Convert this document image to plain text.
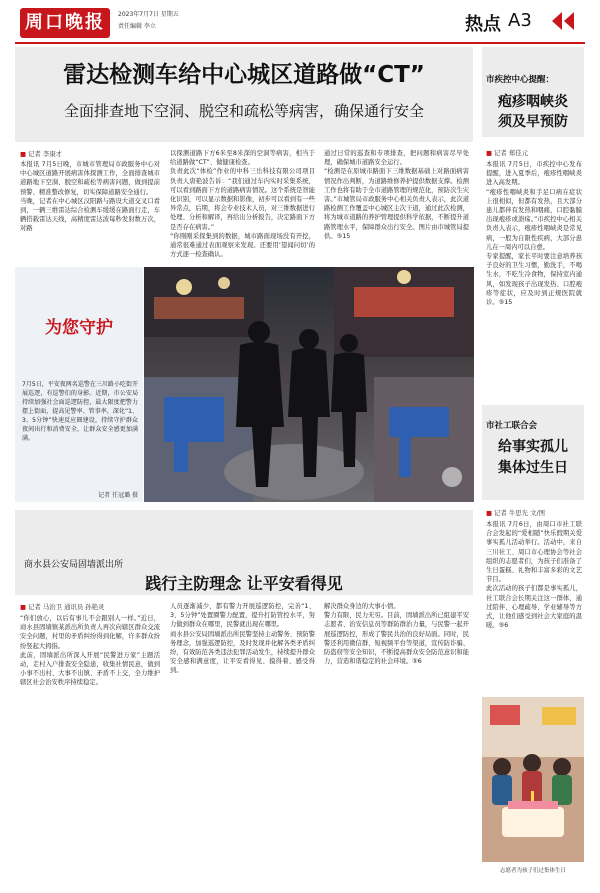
周口晚报	2023年7月7日 星期五
责任编辑 李立	热点 A3
雷达检测车给中心城区道路做“CT”
全面排查地下空洞、脱空和疏松等病害，确保通行安全
■ 记者 李康才
本报讯 7月5日晚，市城市管理局市政服务中心对中心城区道路开展病害体探测工作，全面排查城市道路地下空洞、脱空和疏松等病害问题，做到提前预警、精准整改修复，切实保障道路安全通行。
当晚，记者在中心城区汉阳路与路设大道交叉口看到，一辆三维雷达综合检测车缓缓在路面行走，车辆搭载雷达天线，高精度雷达波每秒发射数万次，对路
以探测道路下方6米至8米深的空洞等病害，相当于给道路做“CT”、做健康检查。
负责此次“体检”作业的中科三岳科技有限公司项目负责人唐艳波告诉：“我们通过车内实时采集系统，可以看到路面下方的道路病害情况。这个系统是智能化识别，可以显示数据和影像，初步可以看到有一些异常点，后期，将会专业技术人员，对三维数据进行处理、分析和解译，再给出分析报告，决定路面下方是否存在病害。”
“你刚刚采探集到的数据，城市路面现场没有开挖，通常很难通过表面观察来发现。还要用‘望闻问切’的方式逐一检查确认。
通过日常的巡查和专项排查，把问题和病害尽早处理，确保城市道路安全运行。
“检测是在原城市路面下三维数据基础上对路面病害情况作出判断，为道路维修养护提供数据支撑。检测工作也将有助于全市道路管理的规范化，预防次生灾害。”市城管局市政服务中心相关负责人表示，此次道路检测工作覆盖中心城区主次干道，通过此次检测，将为城市道路的养护管理提供科学依据，不断提升道路管理水平，保障群众出行安全。图片由市城管局提供。⑤15
为您守护
7月5日，平安夜两名巡警在三川路小吃街开展巡逻，有巡警们的身影。近期，市公安局持续加强社会面巡逻防控，最大限度把警力摆上街面，提高见警率、管事率，深化“1、3、5分钟”快速反应圈建设，持续守护群众夜间出行和消费安全，让群众安全感更加满满。
记者 任冠璐 摄
市疾控中心提醒：
疱疹咽峡炎
须及早预防
■ 记者 郑佳元
本报讯 7月5日，市疾控中心发布提醒，进入夏季后，疱疹性咽峡炎进入高发期。
“疱疹性咽峡炎和手足口病在症状上很相似，但都有发热，且大部分患儿都伴有发热和咽痛，口腔黏膜出现疱疹或溃疡。”市疾控中心相关负责人表示，疱疹性咽峡炎是常见病，一般为自限性疾病，大部分患儿在一周内可以自愈。
专家提醒，家长平时要注意培养孩子良好的卫生习惯，勤洗手，不喝生水，不吃生冷食物，保持室内通风，如发现孩子出现发热、口腔疱疹等症状，应及时到正规医院就诊。⑤15
市社工联合会
给事实孤儿
集体过生日
■ 记者 牛思光 文/图
本报讯 7月6日，由周口市社工联合会发起的“爱相随”快乐假期关爱事实孤儿活动举行。活动中，来自三川社工、周口市心理协会等社会组织的志愿者们，为孩子们准备了生日蛋糕、礼物和丰富多彩的文艺节目。
此次活动的孩子们都是事实孤儿，社工联合会长期关注这一群体，通过陪伴、心理疏导、学业辅导等方式，让他们感受到社会大家庭的温暖。⑤6
志愿者为孩子们过集体生日
商水县公安局固墙派出所
践行主防理念 让平安看得见
■ 记者 马治卫 通讯员 孙艳灵
“你们放心，以后有事儿不会跟别人一样。”近日，商水县固墙镇某派出所负责人再次向辖区群众交流安全问题，村里的矛盾纠纷得到化解，许多群众纷纷竖起大拇指。
此前，固墙派出所深入开展“民警进万家”主题活动，走村入户排查安全隐患，收集社情民意，做到小事不出村、大事不出镇、矛盾不上交，全力维护辖区社会治安秩序持续稳定。
人员逐渐减少，都有警力开展巡逻防控，完善“1、3、5分钟”处置圈警力配置，提升打防管控水平，努力做到群众在哪里，民警就出现在哪里。
商水县公安局固墙派出所民警坚持主动警务、预防警务理念，加强巡逻防控，及时发现并化解各类矛盾纠纷，有效防范各类违法犯罪活动发生，持续提升群众安全感和满意度，让平安看得见、摸得着、感受得到。
解决群众身边的大事小情。
警力有限，民力无穷。目前，固墙派出所已组建平安志愿者、治安信息员等群防群治力量，与民警一起开展巡逻防控，形成了警民共治的良好局面。同时，民警还利用微信群、短视频平台等渠道，宣传防诈骗、防盗窃等安全知识，不断提高群众安全防范意识和能力，营造和谐稳定的社会环境。⑤6
